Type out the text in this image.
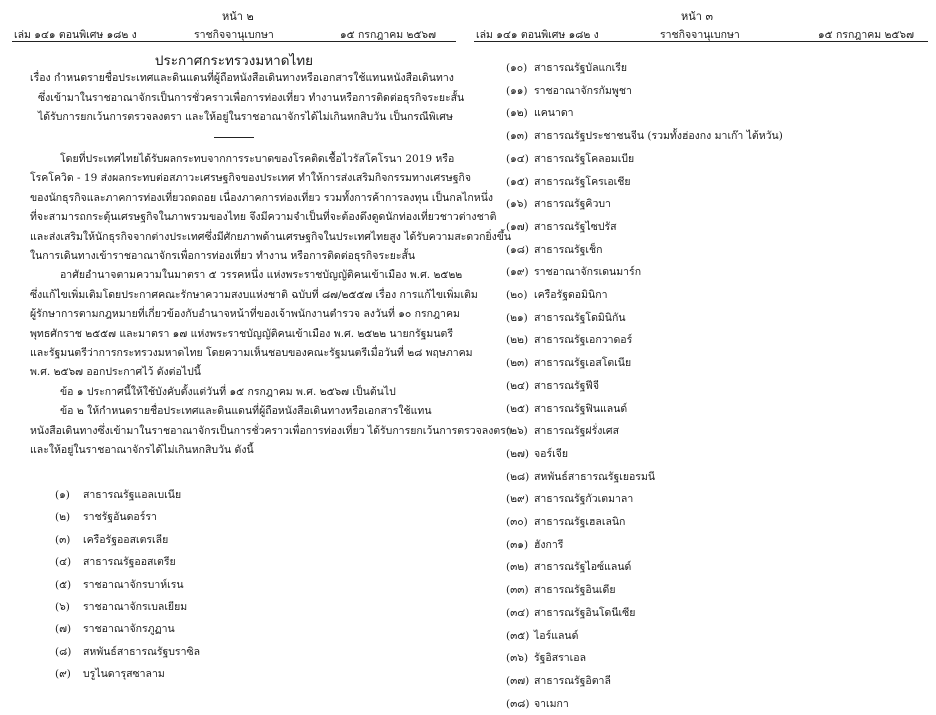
หน้า ๒
เล่ม ๑๔๑ ตอนพิเศษ ๑๘๒ ง	ราชกิจจานุเบกษา	๑๕ กรกฎาคม ๒๕๖๗
ประกาศกระทรวงมหาดไทย
เรื่อง กำหนดรายชื่อประเทศและดินแดนที่ผู้ถือหนังสือเดินทางหรือเอกสารใช้แทนหนังสือเดินทาง
ซึ่งเข้ามาในราชอาณาจักรเป็นการชั่วคราวเพื่อการท่องเที่ยว ทำงานหรือการติดต่อธุรกิจระยะสั้น
ได้รับการยกเว้นการตรวจลงตรา และให้อยู่ในราชอาณาจักรได้ไม่เกินหกสิบวัน เป็นกรณีพิเศษ
โดยที่ประเทศไทยได้รับผลกระทบจากการระบาดของโรคติดเชื้อไวรัสโคโรนา 2019 หรือ
โรคโควิด - 19 ส่งผลกระทบต่อสภาวะเศรษฐกิจของประเทศ ทำให้การส่งเสริมกิจกรรมทางเศรษฐกิจ
ของนักธุรกิจและภาคการท่องเที่ยวถดถอย เนื่องภาคการท่องเที่ยว รวมทั้งการค้าการลงทุน เป็นกลไกหนึ่ง
ที่จะสามารถกระตุ้นเศรษฐกิจในภาพรวมของไทย จึงมีความจำเป็นที่จะต้องดึงดูดนักท่องเที่ยวชาวต่างชาติ
และส่งเสริมให้นักธุรกิจจากต่างประเทศซึ่งมีศักยภาพด้านเศรษฐกิจในประเทศไทยสูง ได้รับความสะดวกยิ่งขึ้น
ในการเดินทางเข้าราชอาณาจักรเพื่อการท่องเที่ยว ทำงาน หรือการติดต่อธุรกิจระยะสั้น
อาศัยอำนาจตามความในมาตรา ๕ วรรคหนึ่ง แห่งพระราชบัญญัติคนเข้าเมือง พ.ศ. ๒๕๒๒
ซึ่งแก้ไขเพิ่มเติมโดยประกาศคณะรักษาความสงบแห่งชาติ ฉบับที่ ๘๗/๒๕๕๗ เรื่อง การแก้ไขเพิ่มเติม
ผู้รักษาการตามกฎหมายที่เกี่ยวข้องกับอำนาจหน้าที่ของเจ้าพนักงานตำรวจ ลงวันที่ ๑๐ กรกฎาคม
พุทธศักราช ๒๕๕๗ และมาตรา ๑๗ แห่งพระราชบัญญัติคนเข้าเมือง พ.ศ. ๒๕๒๒ นายกรัฐมนตรี
และรัฐมนตรีว่าการกระทรวงมหาดไทย โดยความเห็นชอบของคณะรัฐมนตรีเมื่อวันที่ ๒๘ พฤษภาคม
พ.ศ. ๒๕๖๗ ออกประกาศไว้ ดังต่อไปนี้
ข้อ ๑ ประกาศนี้ให้ใช้บังคับตั้งแต่วันที่ ๑๕ กรกฎาคม พ.ศ. ๒๕๖๗ เป็นต้นไป
ข้อ ๒ ให้กำหนดรายชื่อประเทศและดินแดนที่ผู้ถือหนังสือเดินทางหรือเอกสารใช้แทน
หนังสือเดินทางซึ่งเข้ามาในราชอาณาจักรเป็นการชั่วคราวเพื่อการท่องเที่ยว ได้รับการยกเว้นการตรวจลงตรา
และให้อยู่ในราชอาณาจักรได้ไม่เกินหกสิบวัน ดังนี้
(๑) สาธารณรัฐแอลเบเนีย
(๒) ราชรัฐอันดอร์รา
(๓) เครือรัฐออสเตรเลีย
(๔) สาธารณรัฐออสเตรีย
(๕) ราชอาณาจักรบาห์เรน
(๖) ราชอาณาจักรเบลเยียม
(๗) ราชอาณาจักรภูฏาน
(๘) สหพันธ์สาธารณรัฐบราซิล
(๙) บรูไนดารุสซาลาม
หน้า ๓
เล่ม ๑๔๑ ตอนพิเศษ ๑๘๒ ง	ราชกิจจานุเบกษา	๑๕ กรกฎาคม ๒๕๖๗
(๑๐) สาธารณรัฐบัลแกเรีย
(๑๑) ราชอาณาจักรกัมพูชา
(๑๒) แคนาดา
(๑๓) สาธารณรัฐประชาชนจีน (รวมทั้งฮ่องกง มาเก๊า ไต้หวัน)
(๑๔) สาธารณรัฐโคลอมเบีย
(๑๕) สาธารณรัฐโครเอเชีย
(๑๖) สาธารณรัฐคิวบา
(๑๗) สาธารณรัฐไซปรัส
(๑๘) สาธารณรัฐเช็ก
(๑๙) ราชอาณาจักรเดนมาร์ก
(๒๐) เครือรัฐดอมินิกา
(๒๑) สาธารณรัฐโดมินิกัน
(๒๒) สาธารณรัฐเอกวาดอร์
(๒๓) สาธารณรัฐเอสโตเนีย
(๒๔) สาธารณรัฐฟีจี
(๒๕) สาธารณรัฐฟินแลนด์
(๒๖) สาธารณรัฐฝรั่งเศส
(๒๗) จอร์เจีย
(๒๘) สหพันธ์สาธารณรัฐเยอรมนี
(๒๙) สาธารณรัฐกัวเตมาลา
(๓๐) สาธารณรัฐเฮลเลนิก
(๓๑) ฮังการี
(๓๒) สาธารณรัฐไอซ์แลนด์
(๓๓) สาธารณรัฐอินเดีย
(๓๔) สาธารณรัฐอินโดนีเซีย
(๓๕) ไอร์แลนด์
(๓๖) รัฐอิสราเอล
(๓๗) สาธารณรัฐอิตาลี
(๓๘) จาเมกา
